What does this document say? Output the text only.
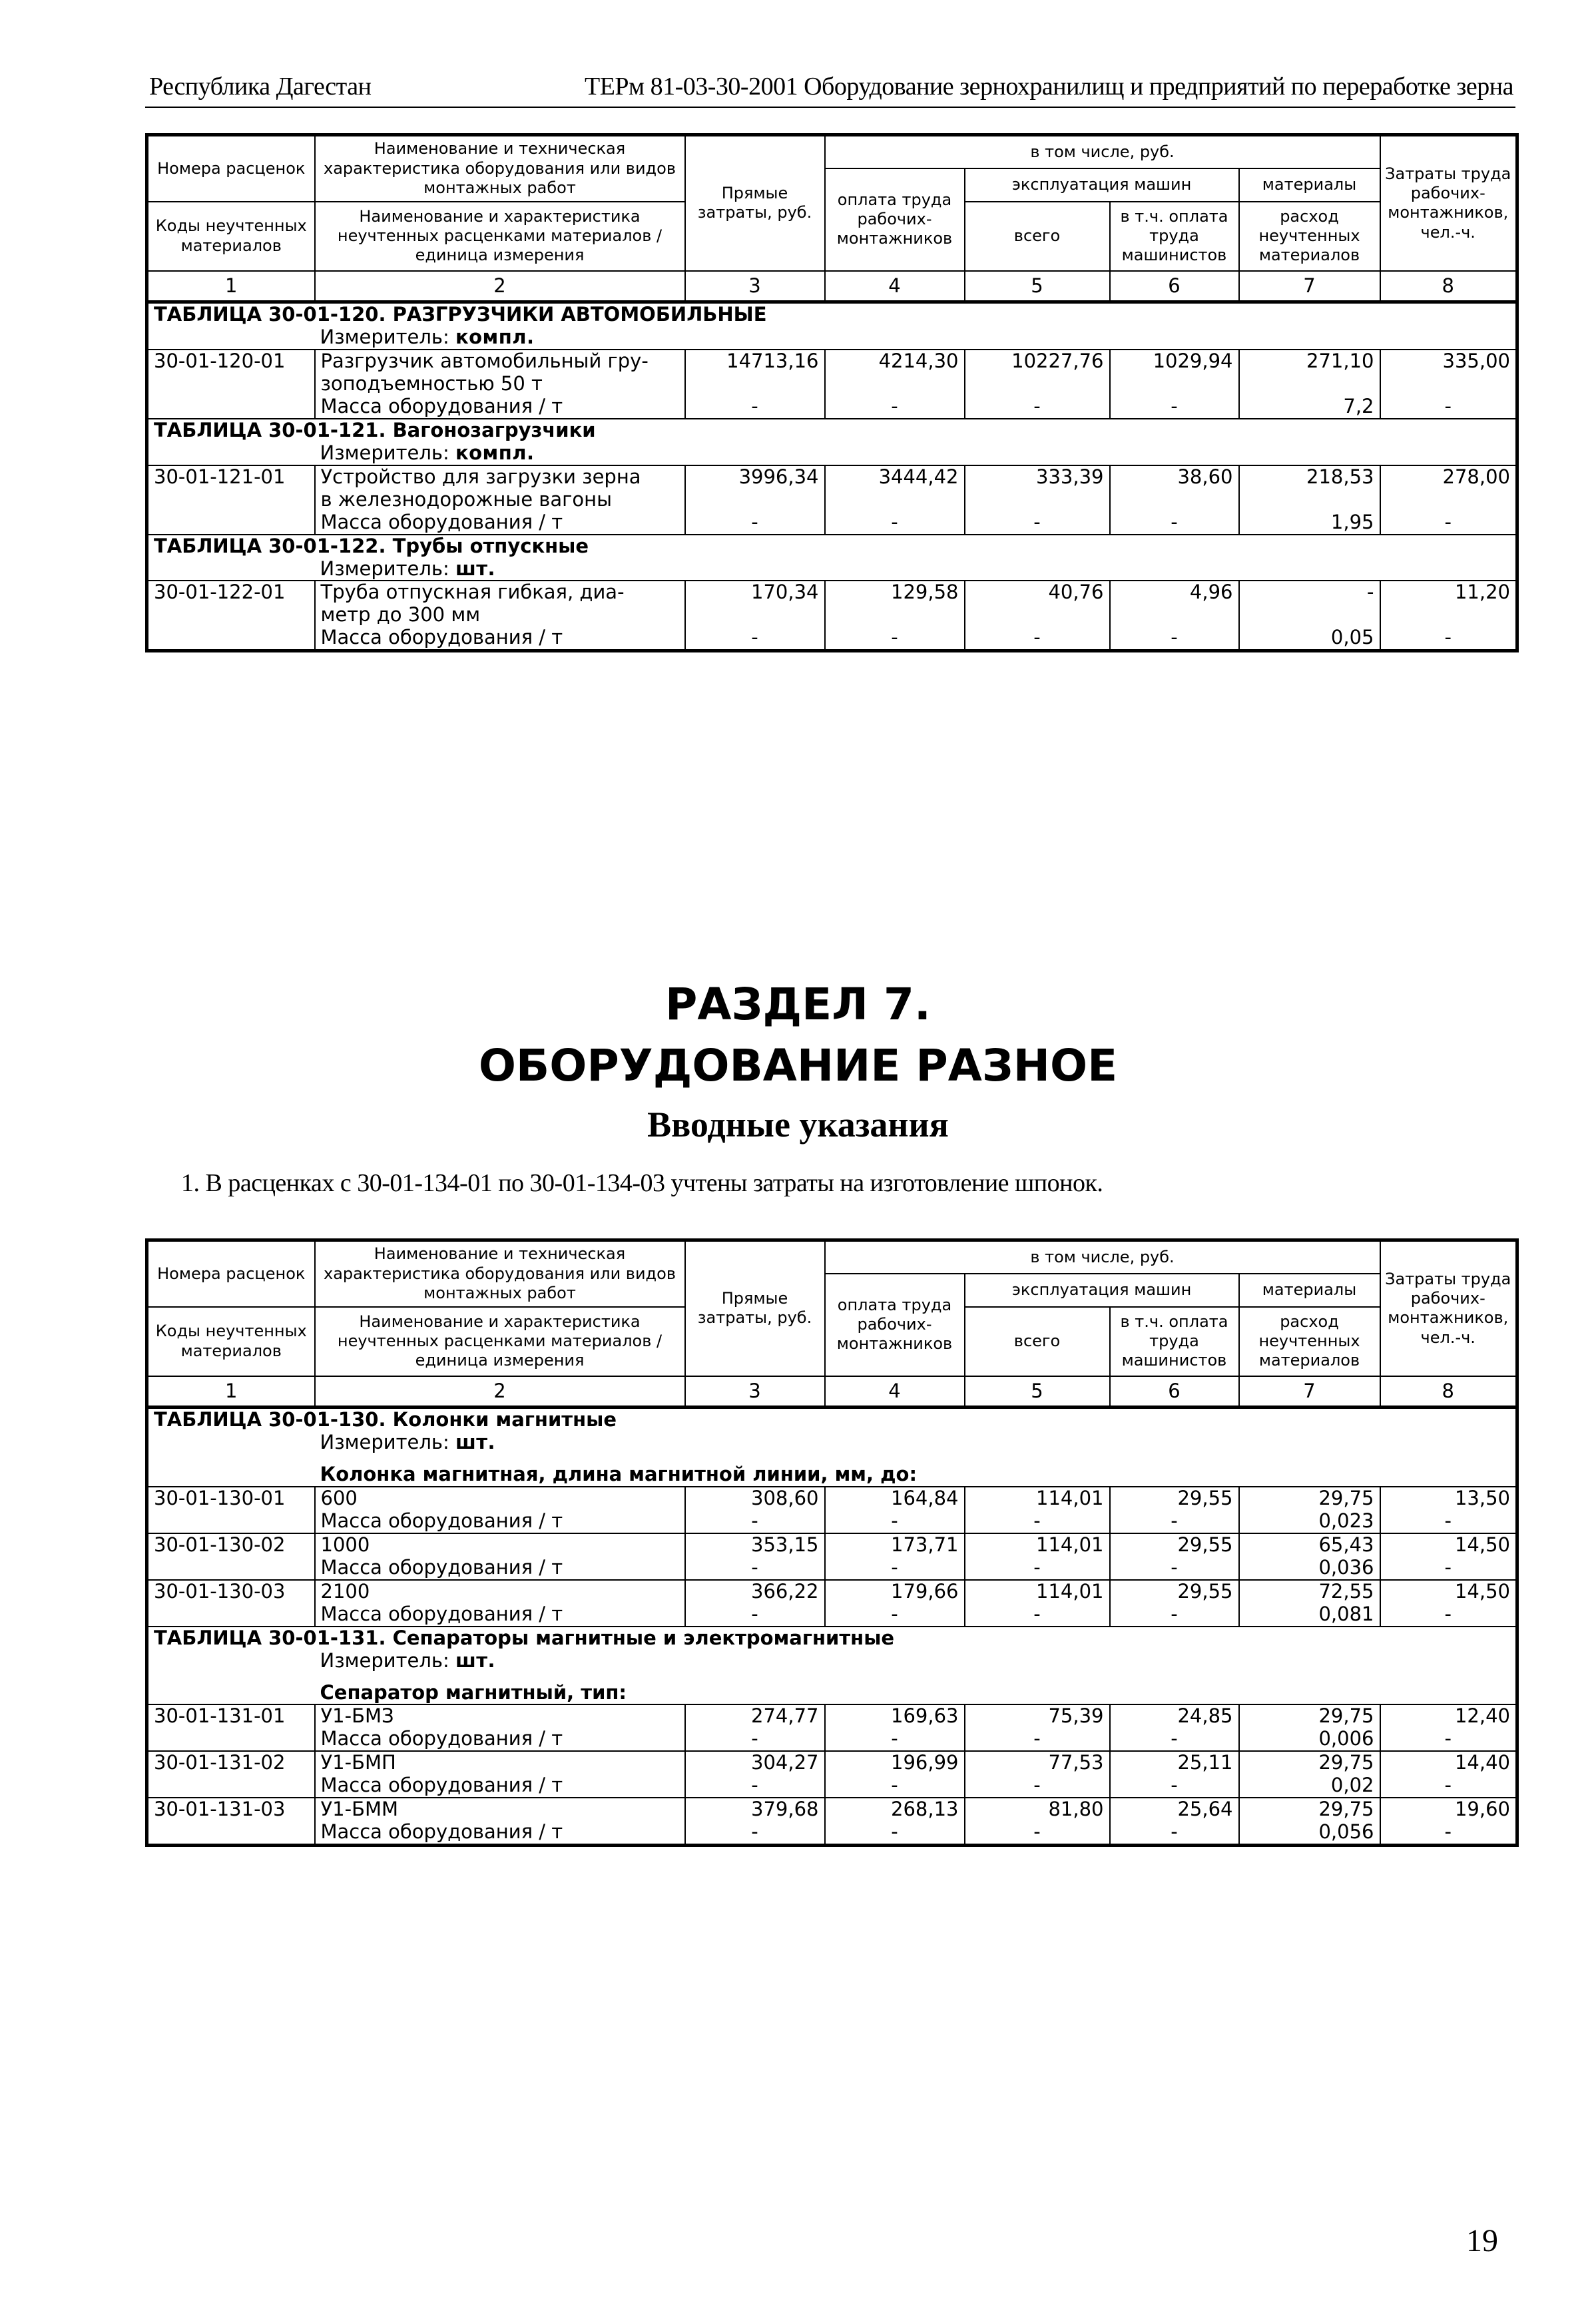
Республика Дагестан	ТЕРм 81-03-30-2001 Оборудование зернохранилищ и предприятий по переработке зерна
Номера расценок	Наименование и техническая характеристика оборудования или видов монтажных работ	Прямые затраты, руб.	в том числе, руб.				Затраты труда рабочих-монтажников, чел.-ч.
			оплата труда рабочих-монтажников	эксплуатация машин		материалы	
Коды неучтенных материалов	Наименование и характеристика неучтенных расценками материалов / единица измерения			всего	в т.ч. оплата труда машинистов	расход неучтенных материалов	

1	2	3	4	5	6	7	8
ТАБЛИЦА 30-01-120. РАЗГРУЗЧИКИ АВТОМОБИЛЬНЫЕ							
	Измеритель: компл.						
30-01-120-01	Разгрузчик автомобильный гру-	14713,16	4214,30	10227,76	1029,94	271,10	335,00
	зоподъемностью 50 т						
	Масса оборудования / т	-	-	-	-	7,2	-
ТАБЛИЦА 30-01-121. Вагонозагрузчики							
	Измеритель: компл.						
30-01-121-01	Устройство для загрузки зерна	3996,34	3444,42	333,39	38,60	218,53	278,00
	в железнодорожные вагоны						
	Масса оборудования / т	-	-	-	-	1,95	-
ТАБЛИЦА 30-01-122. Трубы отпускные							
	Измеритель: шт.						
30-01-122-01	Труба отпускная гибкая, диа-	170,34	129,58	40,76	4,96	-	11,20
	метр до 300 мм						
	Масса оборудования / т	-	-	-	-	0,05	-
РАЗДЕЛ 7.
ОБОРУДОВАНИЕ РАЗНОЕ
Вводные указания
1. В расценках с 30-01-134-01 по 30-01-134-03 учтены затраты на изготовление шпонок.
Номера расценок	Наименование и техническая характеристика оборудования или видов монтажных работ	Прямые затраты, руб.	в том числе, руб.				Затраты труда рабочих-монтажников, чел.-ч.
			оплата труда рабочих-монтажников	эксплуатация машин		материалы	
Коды неучтенных материалов	Наименование и характеристика неучтенных расценками материалов / единица измерения			всего	в т.ч. оплата труда машинистов	расход неучтенных материалов	

1	2	3	4	5	6	7	8
ТАБЛИЦА 30-01-130. Колонки магнитные							
	Измеритель: шт.						
	Колонка магнитная, длина магнитной линии, мм, до:						
30-01-130-01	600	308,60	164,84	114,01	29,55	29,75	13,50
	Масса оборудования / т	-	-	-	-	0,023	-
30-01-130-02	1000	353,15	173,71	114,01	29,55	65,43	14,50
	Масса оборудования / т	-	-	-	-	0,036	-
30-01-130-03	2100	366,22	179,66	114,01	29,55	72,55	14,50
	Масса оборудования / т	-	-	-	-	0,081	-
ТАБЛИЦА 30-01-131. Сепараторы магнитные и электромагнитные							
	Измеритель: шт.						
	Сепаратор магнитный, тип:						
30-01-131-01	У1-БМЗ	274,77	169,63	75,39	24,85	29,75	12,40
	Масса оборудования / т	-	-	-	-	0,006	-
30-01-131-02	У1-БМП	304,27	196,99	77,53	25,11	29,75	14,40
	Масса оборудования / т	-	-	-	-	0,02	-
30-01-131-03	У1-БММ	379,68	268,13	81,80	25,64	29,75	19,60
	Масса оборудования / т	-	-	-	-	0,056	-
19
